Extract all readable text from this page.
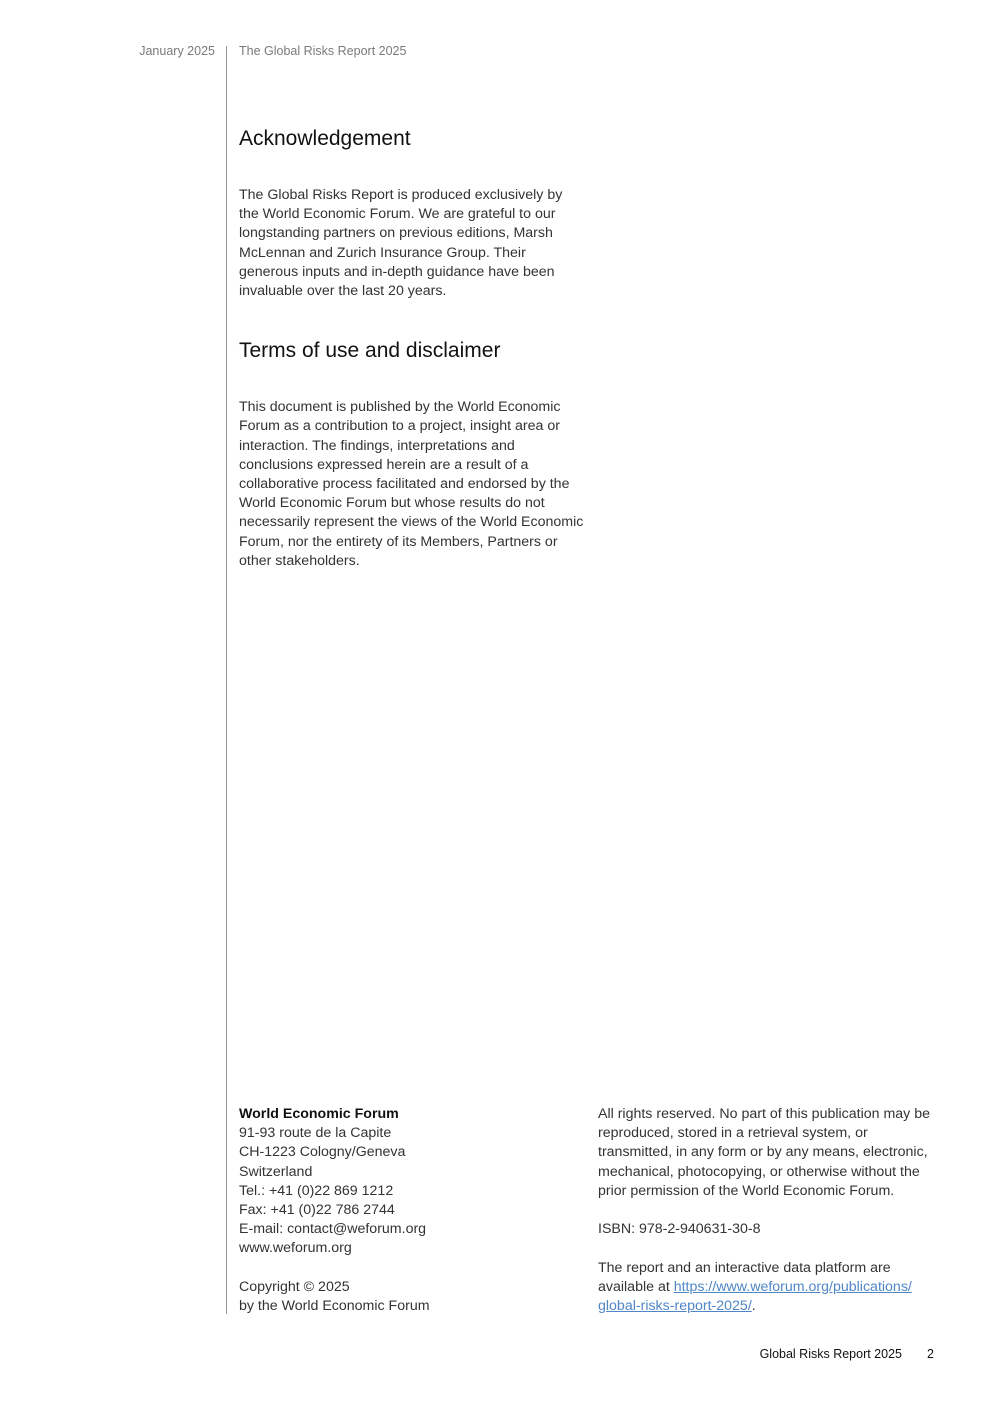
January 2025 The Global Risks Report 2025

Acknowledgement

The Global Risks Report is produced exclusively by the World Economic Forum. We are grateful to our longstanding partners on previous editions, Marsh McLennan and Zurich Insurance Group. Their generous inputs and in-depth guidance have been invaluable over the last 20 years.

Terms of use and disclaimer

This document is published by the World Economic Forum as a contribution to a project, insight area or interaction. The findings, interpretations and conclusions expressed herein are a result of a collaborative process facilitated and endorsed by the World Economic Forum but whose results do not necessarily represent the views of the World Economic Forum, nor the entirety of its Members, Partners or other stakeholders.

World Economic Forum

91-93 route de la Capite

CH-1223 Cologny/Geneva

Switzerland

Tel.: +41 (0)22 869 1212

Fax: +41 (0)22 786 2744

E-mail: contact@weforum.org

www.weforum.org

Copyright © 2025

by the World Economic Forum

All rights reserved. No part of this publication may be reproduced, stored in a retrieval system, or transmitted, in any form or by any means, electronic, mechanical, photocopying, or otherwise without the prior permission of the World Economic Forum.

ISBN: 978-2-940631-30-8

The report and an interactive data platform are available at https://www.weforum.org/publications/
global-risks-report-2025/.

Global Risks Report 2025 2
